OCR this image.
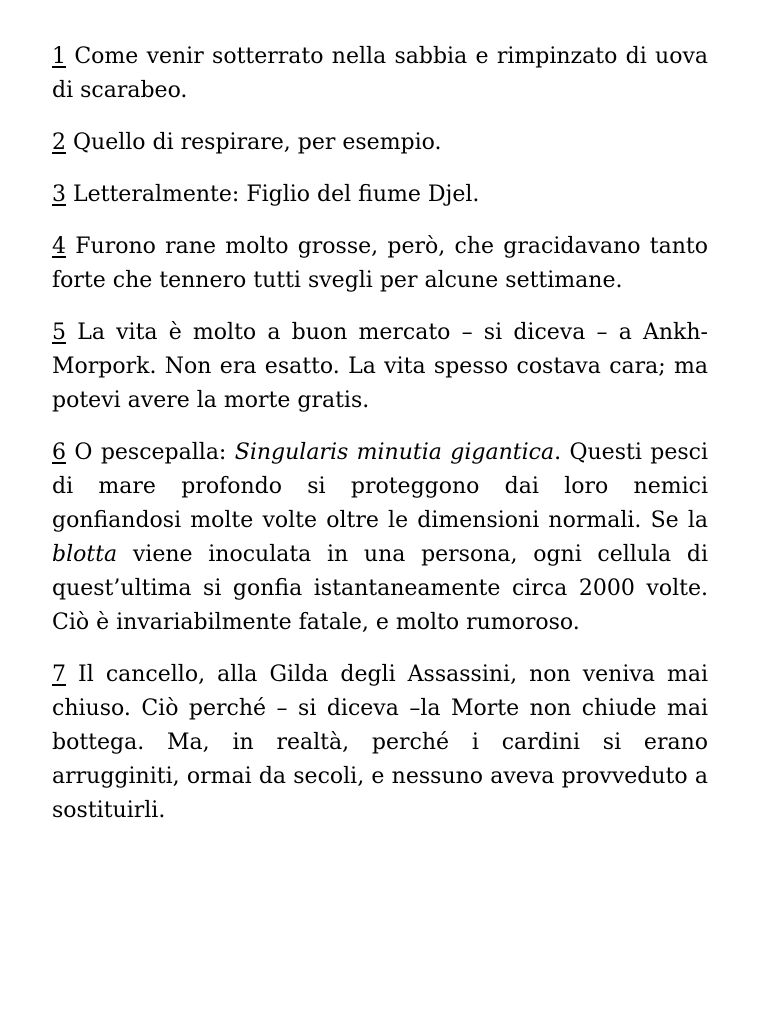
1 Come venir sotterrato nella sabbia e rimpinzato di uova di scarabeo.

2 Quello di respirare, per esempio.

3 Letteralmente: Figlio del fiume Djel.

4 Furono rane molto grosse, però, che gracidavano tanto forte che tennero tutti svegli per alcune settimane.

5 La vita è molto a buon mercato – si diceva – a Ankh-Morpork. Non era esatto. La vita spesso costava cara; ma potevi avere la morte gratis.

6 O pescepalla: Singularis minutia gigantica. Questi pesci di mare profondo si proteggono dai loro nemici gonfiandosi molte volte oltre le dimensioni normali. Se la blotta viene inoculata in una persona, ogni cellula di quest’ultima si gonfia istantaneamente circa 2000 volte. Ciò è invariabilmente fatale, e molto rumoroso.

7 Il cancello, alla Gilda degli Assassini, non veniva mai chiuso. Ciò perché – si diceva –la Morte non chiude mai bottega. Ma, in realtà, perché i cardini si erano arrugginiti, ormai da secoli, e nessuno aveva provveduto a sostituirli.
